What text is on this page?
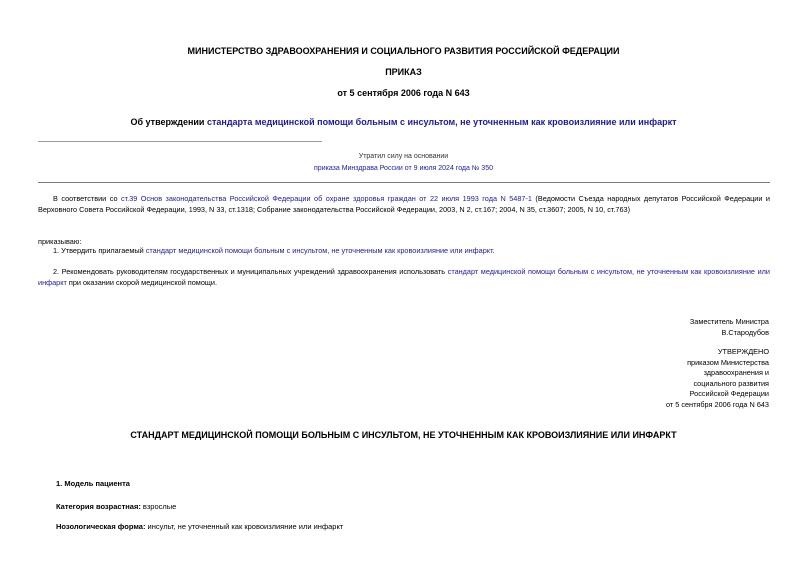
МИНИСТЕРСТВО ЗДРАВООХРАНЕНИЯ И СОЦИАЛЬНОГО РАЗВИТИЯ РОССИЙСКОЙ ФЕДЕРАЦИИ
ПРИКАЗ
от 5 сентября 2006 года N 643
Об утверждении стандарта медицинской помощи больным с инсультом, не уточненным как кровоизлияние или инфаркт
Утратил силу на основании
приказа Минздрава России от 9 июля 2024 года № 350
В соответствии со ст.39 Основ законодательства Российской Федерации об охране здоровья граждан от 22 июля 1993 года N 5487-1 (Ведомости Съезда народных депутатов Российской Федерации и Верховного Совета Российской Федерации, 1993, N 33, ст.1318; Собрание законодательства Российской Федерации, 2003, N 2, ст.167; 2004, N 35, ст.3607; 2005, N 10, ст.763)
приказываю:
1. Утвердить прилагаемый стандарт медицинской помощи больным с инсультом, не уточненным как кровоизлияние или инфаркт.
2. Рекомендовать руководителям государственных и муниципальных учреждений здравоохранения использовать стандарт медицинской помощи больным с инсультом, не уточненным как кровоизлияние или инфаркт при оказании скорой медицинской помощи.
Заместитель Министра
В.Стародубов
УТВЕРЖДЕНО
приказом Министерства
здравоохранения и
социального развития
Российской Федерации
от 5 сентября 2006 года N 643
СТАНДАРТ МЕДИЦИНСКОЙ ПОМОЩИ БОЛЬНЫМ С ИНСУЛЬТОМ, НЕ УТОЧНЕННЫМ КАК КРОВОИЗЛИЯНИЕ ИЛИ ИНФАРКТ
1. Модель пациента
Категория возрастная: взрослые
Нозологическая форма: инсульт, не уточненный как кровоизлияние или инфаркт
